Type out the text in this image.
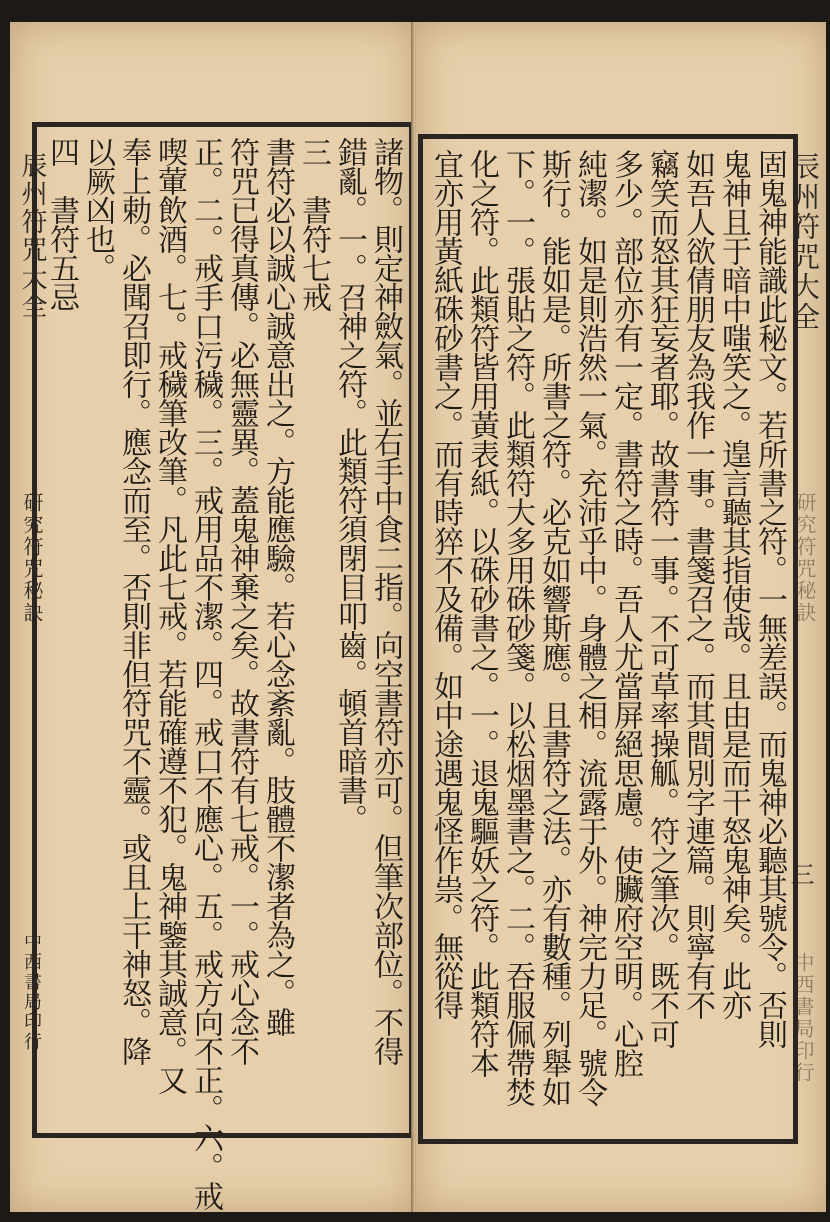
辰州符咒大全
研究符咒秘訣
中西書局印行	諸物。則定神斂氣。並右手中食二指。向空書符亦可。但筆次部位。不得
錯亂。一。召神之符。此類符須閉目叩齒。頓首暗書。
三　書符七戒
書符必以誠心誠意出之。方能應驗。若心念紊亂。肢體不潔者為之。雖
符咒已得真傳。必無靈異。蓋鬼神棄之矣。故書符有七戒。一。戒心念不
正。二。戒手口污穢。三。戒用品不潔。四。戒口不應心。五。戒方向不正。六。戒
喫葷飲酒。七。戒穢筆改筆。凡此七戒。若能確遵不犯。鬼神鑒其誠意。又
奉上勅。必聞召即行。應念而至。否則非但符咒不靈。或且上干神怒。降
以厥凶也。
四　書符五忌	辰州符咒大全
研究符咒秘訣
三
中西書局印行
固鬼神能識此秘文。若所書之符。一無差誤。而鬼神必聽其號令。否則
鬼神且于暗中嗤笑之。遑言聽其指使哉。且由是而干怒鬼神矣。此亦
如吾人欲倩朋友為我作一事。書箋召之。而其間別字連篇。則寧有不
竊笑而怒其狂妄者耶。故書符一事。不可草率操觚。符之筆次。既不可
多少。部位亦有一定。書符之時。吾人尤當屏絕思慮。使臟府空明。心腔
純潔。如是則浩然一氣。充沛乎中。身體之相。流露于外。神完力足。號令
斯行。能如是。所書之符。必克如響斯應。且書符之法。亦有數種。列舉如
下。一。張貼之符。此類符大多用硃砂箋。以松烟墨書之。二。吞服佩帶焚
化之符。此類符皆用黃表紙。以硃砂書之。一。退鬼驅妖之符。此類符本
宜亦用黃紙硃砂書之。而有時猝不及備。如中途遇鬼怪作祟。無從得
